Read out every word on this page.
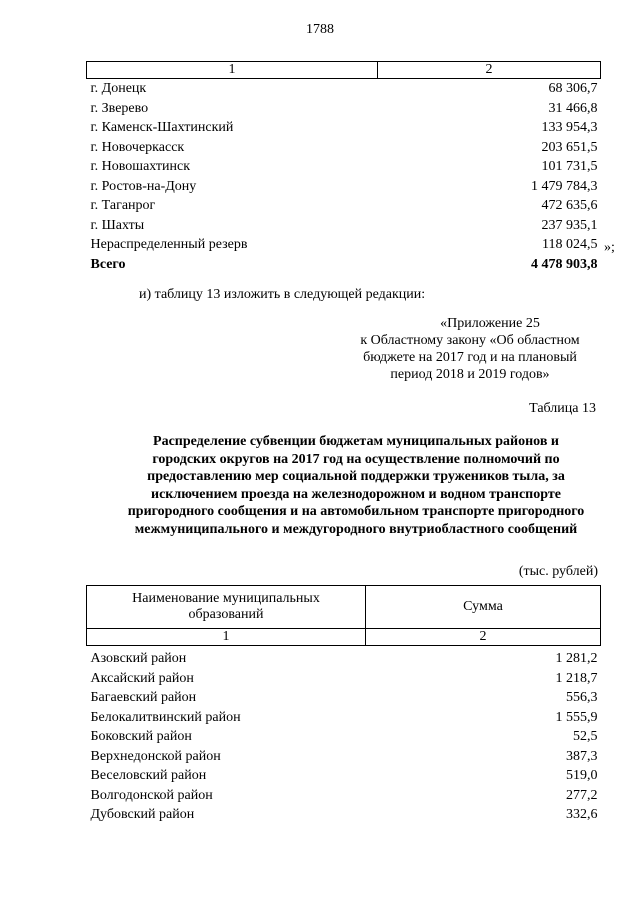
1788
1	2
г. Донецк	68 306,7
г. Зверево	31 466,8
г. Каменск-Шахтинский	133 954,3
г. Новочеркасск	203 651,5
г. Новошахтинск	101 731,5
г. Ростов-на-Дону	1 479 784,3
г. Таганрог	472 635,6
г. Шахты	237 935,1
Нераспределенный резерв	118 024,5
Всего	4 478 903,8
»;
и) таблицу 13 изложить в следующей редакции:
«Приложение 25
к Областному закону «Об областном
бюджете на 2017 год и на плановый
период 2018 и 2019 годов»
Таблица 13
Распределение субвенции бюджетам муниципальных районов и
городских округов на 2017 год на осуществление полномочий по
предоставлению мер социальной поддержки тружеников тыла, за
исключением проезда на железнодорожном и водном транспорте
пригородного сообщения и на автомобильном транспорте пригородного
межмуниципального и междугородного внутриобластного сообщений
(тыс. рублей)
Наименование муниципальных
образований	Сумма
1	2

Азовский район	1 281,2
Аксайский район	1 218,7
Багаевский район	556,3
Белокалитвинский район	1 555,9
Боковский район	52,5
Верхнедонской район	387,3
Веселовский район	519,0
Волгодонской район	277,2
Дубовский район	332,6
